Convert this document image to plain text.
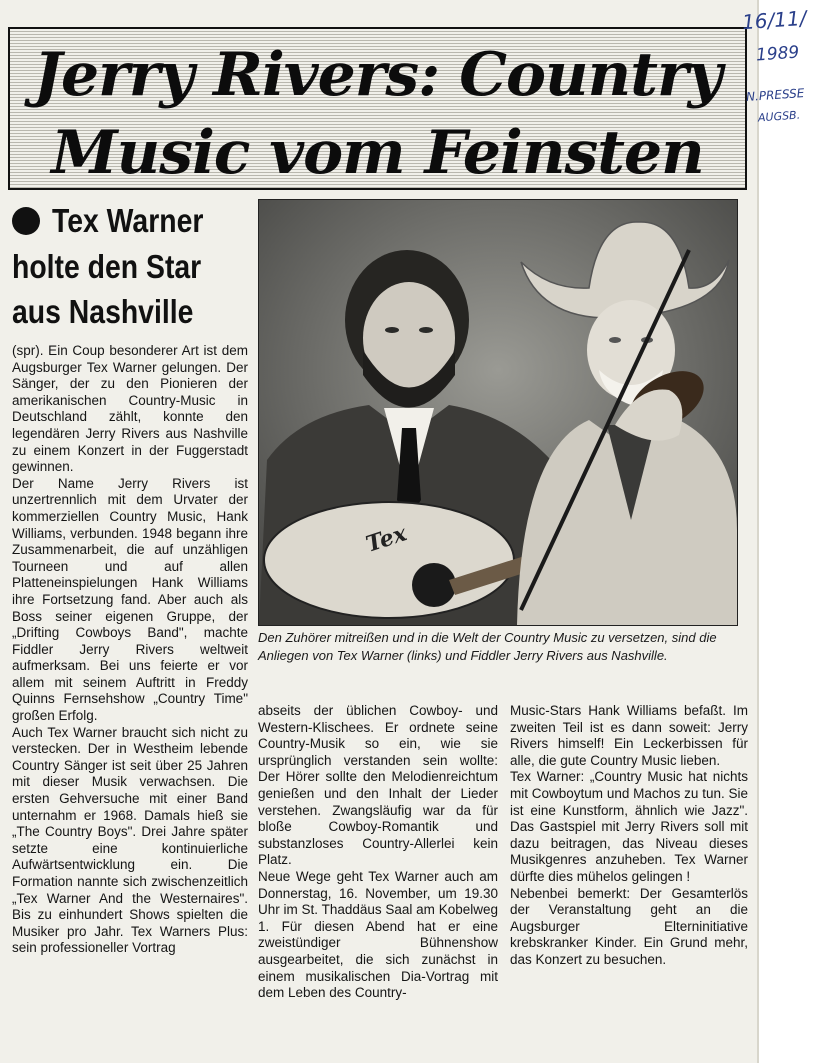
Jerry Rivers: Country
Music vom Feinsten
Tex Warner
holte den Star
aus Nashville
Tex
Den Zuhörer mitreißen und in die Welt der Country Music zu versetzen, sind die Anliegen von Tex Warner (links) und Fiddler Jerry Rivers aus Nashville.

(spr). Ein Coup besonderer Art ist dem Augsburger Tex Warner gelungen. Der Sänger, der zu den Pionieren der amerikanischen Country-Music in Deutschland zählt, konnte den legendären Jerry Rivers aus Nashville zu einem Konzert in der Fuggerstadt gewinnen.

Der Name Jerry Rivers ist unzertrennlich mit dem Urvater der kommerziellen Country Music, Hank Williams, verbunden. 1948 begann ihre Zusammenarbeit, die auf unzähligen Tourneen und auf allen Platteneinspielungen Hank Williams ihre Fortsetzung fand. Aber auch als Boss seiner eigenen Gruppe, der „Drifting Cowboys Band", machte Fiddler Jerry Rivers weltweit aufmerksam. Bei uns feierte er vor allem mit seinem Auftritt in Freddy Quinns Fernsehshow „Country Time" großen Erfolg.

Auch Tex Warner braucht sich nicht zu verstecken. Der in Westheim lebende Country Sänger ist seit über 25 Jahren mit dieser Musik verwachsen. Die ersten Gehversuche mit einer Band unternahm er 1968. Damals hieß sie „The Country Boys". Drei Jahre später setzte eine kontinuierliche Aufwärtsentwicklung ein. Die Formation nannte sich zwischenzeitlich „Tex Warner And the Westernaires". Bis zu einhundert Shows spielten die Musiker pro Jahr. Tex Warners Plus: sein professioneller Vortrag

abseits der üblichen Cowboy- und Western-Klischees. Er ordnete seine Country-Musik so ein, wie sie ursprünglich verstanden sein wollte: Der Hörer sollte den Melodienreichtum genießen und den Inhalt der Lieder verstehen. Zwangsläufig war da für bloße Cowboy-Romantik und substanzloses Country-Allerlei kein Platz.

Neue Wege geht Tex Warner auch am Donnerstag, 16. November, um 19.30 Uhr im St. Thaddäus Saal am Kobelweg 1. Für diesen Abend hat er eine zweistündiger Bühnenshow ausgearbeitet, die sich zunächst in einem musikalischen Dia-Vortrag mit dem Leben des Country-

Music-Stars Hank Williams befaßt. Im zweiten Teil ist es dann soweit: Jerry Rivers himself! Ein Leckerbissen für alle, die gute Country Music lieben.

Tex Warner: „Country Music hat nichts mit Cowboytum und Machos zu tun. Sie ist eine Kunstform, ähnlich wie Jazz". Das Gastspiel mit Jerry Rivers soll mit dazu beitragen, das Niveau dieses Musikgenres anzuheben. Tex Warner dürfte dies mühelos gelingen !

Nebenbei bemerkt: Der Gesamterlös der Veranstaltung geht an die Augsburger Elterninitiative krebskranker Kinder. Ein Grund mehr, das Konzert zu besuchen.

16/11/
1989
N.PRESSE
AUGSB.
